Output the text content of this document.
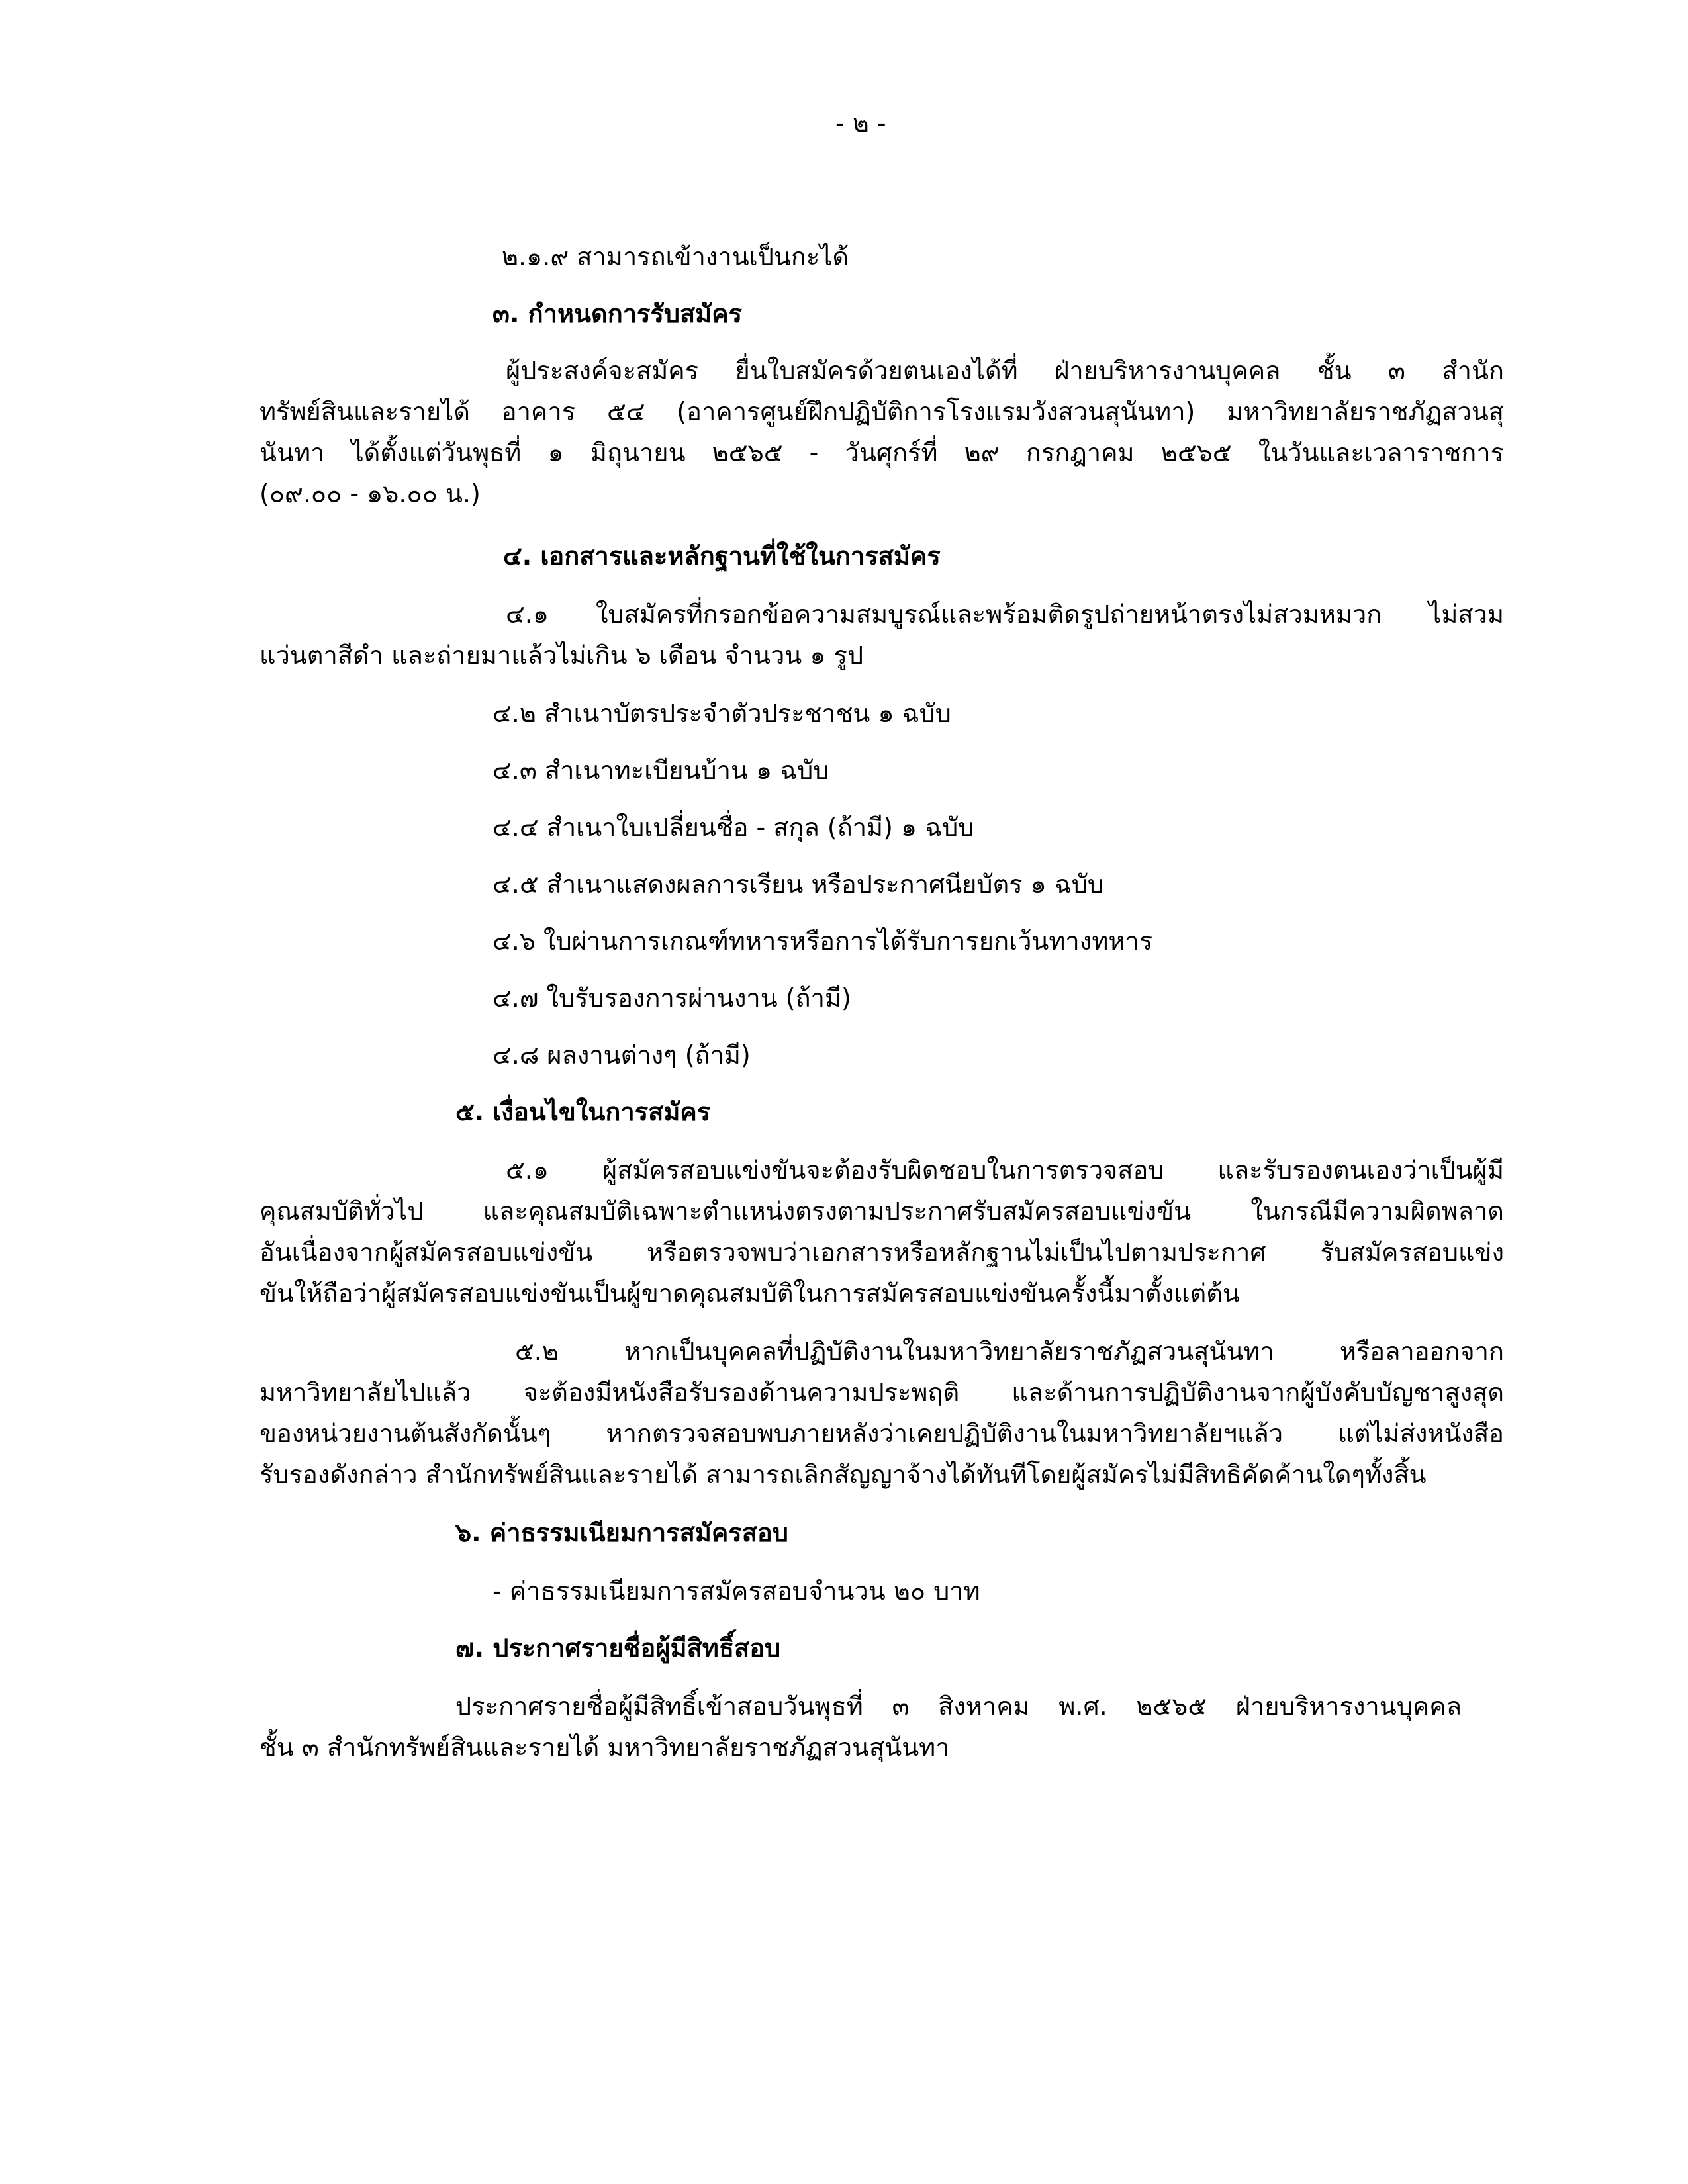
- ๒ -
๒.๑.๙ สามารถเข้างานเป็นกะได้
๓. กำหนดการรับสมัคร
ผู้ประสงค์จะสมัคร ยื่นใบสมัครด้วยตนเองได้ที่ ฝ่ายบริหารงานบุคคล ชั้น ๓ สำนัก
ทรัพย์สินและรายได้ อาคาร ๕๔ (อาคารศูนย์ฝึกปฏิบัติการโรงแรมวังสวนสุนันทา) มหาวิทยาลัยราชภัฏสวนสุ
นันทา ได้ตั้งแต่วันพุธที่ ๑ มิถุนายน ๒๕๖๕ - วันศุกร์ที่ ๒๙ กรกฎาคม ๒๕๖๕ ในวันและเวลาราชการ
(๐๙.๐๐ - ๑๖.๐๐ น.)
๔. เอกสารและหลักฐานที่ใช้ในการสมัคร
๔.๑ ใบสมัครที่กรอกข้อความสมบูรณ์และพร้อมติดรูปถ่ายหน้าตรงไม่สวมหมวก ไม่สวม
แว่นตาสีดำ และถ่ายมาแล้วไม่เกิน ๖ เดือน จำนวน ๑ รูป
๔.๒ สำเนาบัตรประจำตัวประชาชน ๑ ฉบับ
๔.๓ สำเนาทะเบียนบ้าน ๑ ฉบับ
๔.๔ สำเนาใบเปลี่ยนชื่อ - สกุล (ถ้ามี) ๑ ฉบับ
๔.๕ สำเนาแสดงผลการเรียน หรือประกาศนียบัตร ๑ ฉบับ
๔.๖ ใบผ่านการเกณฑ์ทหารหรือการได้รับการยกเว้นทางทหาร
๔.๗ ใบรับรองการผ่านงาน (ถ้ามี)
๔.๘ ผลงานต่างๆ (ถ้ามี)
๕. เงื่อนไขในการสมัคร
๕.๑ ผู้สมัครสอบแข่งขันจะต้องรับผิดชอบในการตรวจสอบ และรับรองตนเองว่าเป็นผู้มี
คุณสมบัติทั่วไป และคุณสมบัติเฉพาะตำแหน่งตรงตามประกาศรับสมัครสอบแข่งขัน ในกรณีมีความผิดพลาด
อันเนื่องจากผู้สมัครสอบแข่งขัน หรือตรวจพบว่าเอกสารหรือหลักฐานไม่เป็นไปตามประกาศ รับสมัครสอบแข่ง
ขันให้ถือว่าผู้สมัครสอบแข่งขันเป็นผู้ขาดคุณสมบัติในการสมัครสอบแข่งขันครั้งนี้มาตั้งแต่ต้น
๕.๒ หากเป็นบุคคลที่ปฏิบัติงานในมหาวิทยาลัยราชภัฏสวนสุนันทา หรือลาออกจาก
มหาวิทยาลัยไปแล้ว จะต้องมีหนังสือรับรองด้านความประพฤติ และด้านการปฏิบัติงานจากผู้บังคับบัญชาสูงสุด
ของหน่วยงานต้นสังกัดนั้นๆ หากตรวจสอบพบภายหลังว่าเคยปฏิบัติงานในมหาวิทยาลัยฯแล้ว แต่ไม่ส่งหนังสือ
รับรองดังกล่าว สำนักทรัพย์สินและรายได้ สามารถเลิกสัญญาจ้างได้ทันทีโดยผู้สมัครไม่มีสิทธิคัดค้านใดๆทั้งสิ้น
๖. ค่าธรรมเนียมการสมัครสอบ
- ค่าธรรมเนียมการสมัครสอบจำนวน ๒๐ บาท
๗. ประกาศรายชื่อผู้มีสิทธิ์สอบ
ประกาศรายชื่อผู้มีสิทธิ์เข้าสอบวันพุธที่ ๓ สิงหาคม พ.ศ. ๒๕๖๕ ฝ่ายบริหารงานบุคคล
ชั้น ๓ สำนักทรัพย์สินและรายได้ มหาวิทยาลัยราชภัฏสวนสุนันทา
